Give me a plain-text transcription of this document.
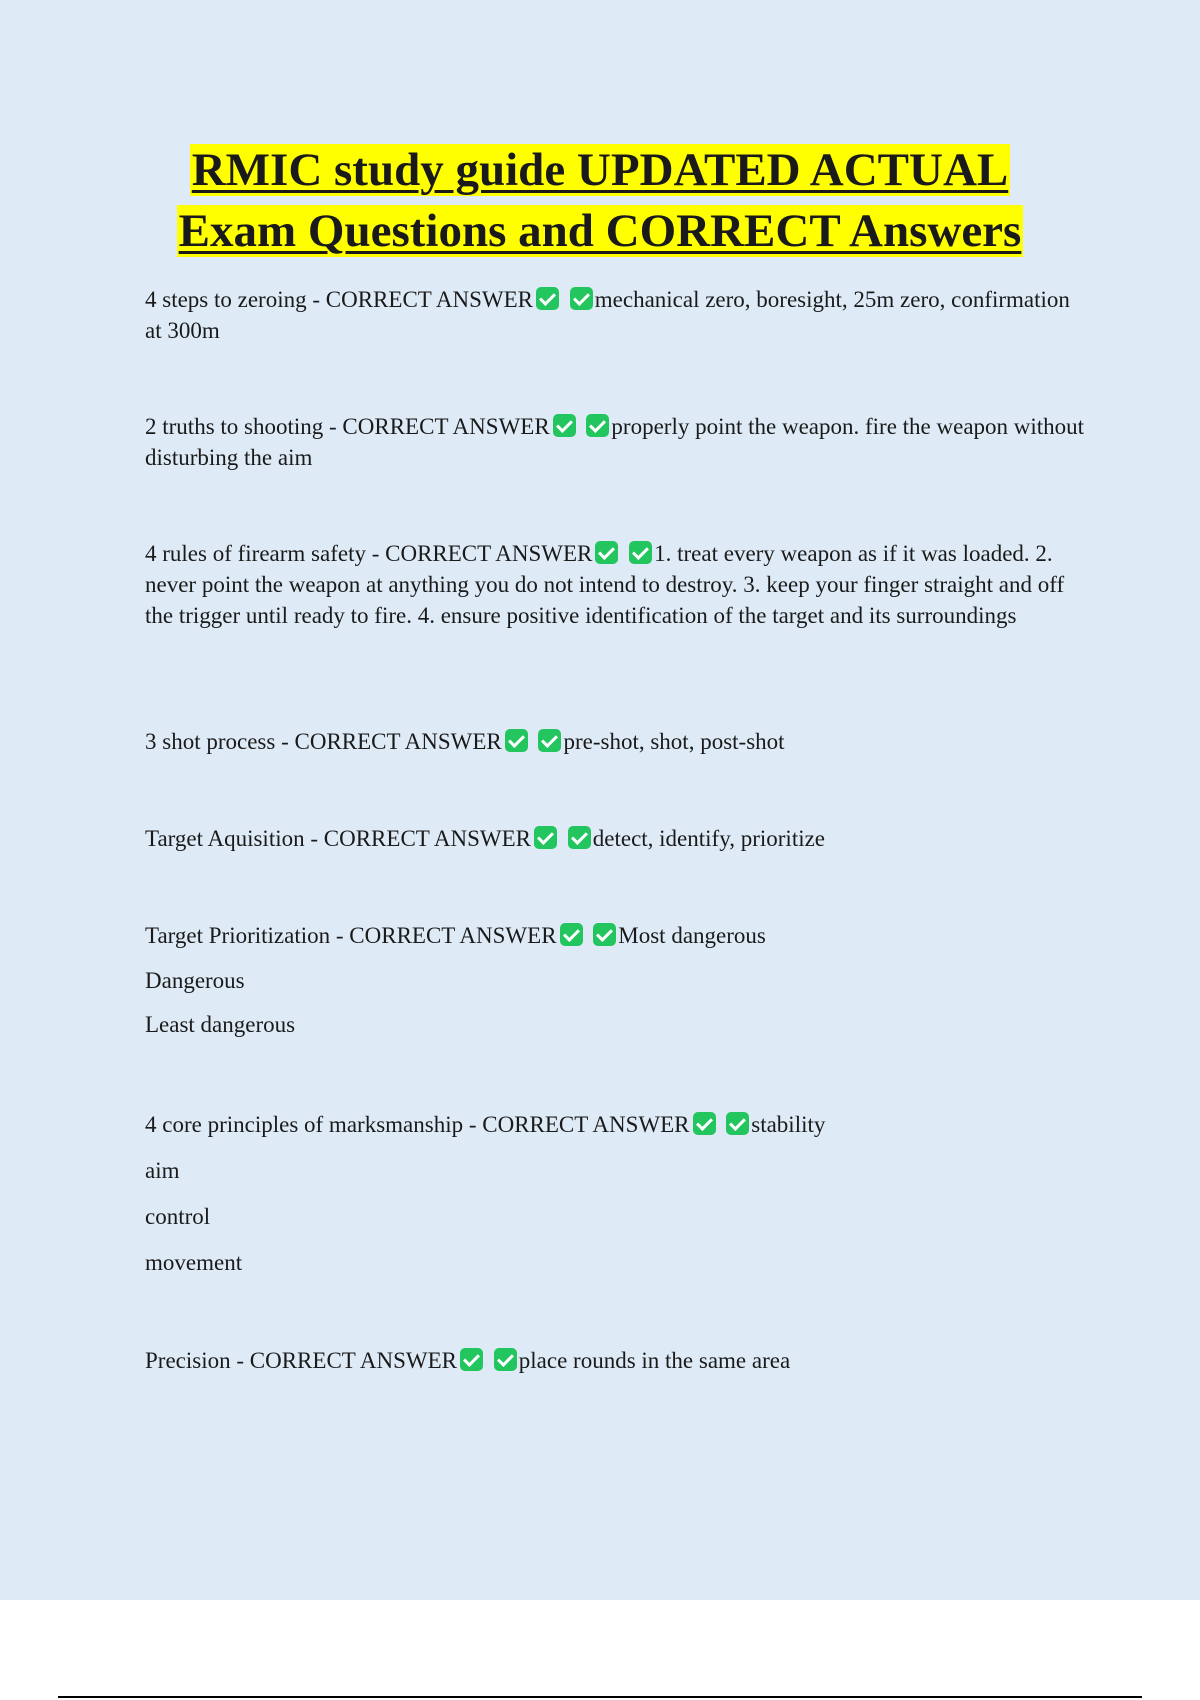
RMIC study guide UPDATED ACTUAL
Exam Questions and CORRECT Answers

4 steps to zeroing - CORRECT ANSWER	mechanical zero, boresight, 25m zero, confirmation at 300m

2 truths to shooting - CORRECT ANSWER	properly point the weapon. fire the weapon without disturbing the aim

4 rules of firearm safety - CORRECT ANSWER	1. treat every weapon as if it was loaded. 2. never point the weapon at anything you do not intend to destroy. 3. keep your finger straight and off the trigger until ready to fire. 4. ensure positive identification of the target and its surroundings

3 shot process - CORRECT ANSWER	pre-shot, shot, post-shot

Target Aquisition - CORRECT ANSWER	detect, identify, prioritize

Target Prioritization - CORRECT ANSWER	Most dangerous

Dangerous

Least dangerous

4 core principles of marksmanship - CORRECT ANSWER	stability

aim

control

movement

Precision - CORRECT ANSWER	place rounds in the same area
